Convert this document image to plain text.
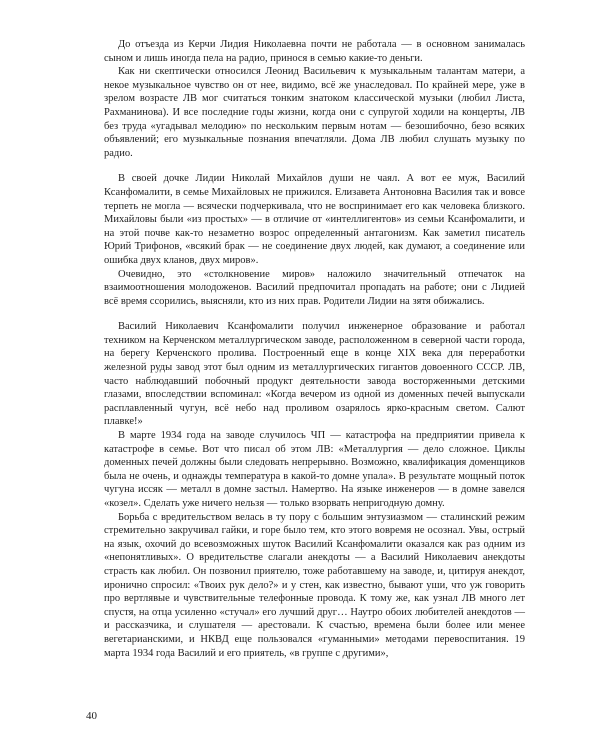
До отъезда из Керчи Лидия Николаевна почти не работала — в основном занималась сыном и лишь иногда пела на радио, принося в семью какие-то деньги.

Как ни скептически относился Леонид Васильевич к музыкальным талантам матери, а некое музыкальное чувство он от нее, видимо, всё же унаследовал. По крайней мере, уже в зрелом возрасте ЛВ мог считаться тонким знатоком классической музыки (любил Листа, Рахманинова). И все последние годы жизни, когда они с супругой ходили на концерты, ЛВ без труда «угадывал мелодию» по нескольким первым нотам — безошибочно, безо всяких объявлений; его музыкальные познания впечатляли. Дома ЛВ любил слушать музыку по радио.

В своей дочке Лидии Николай Михайлов души не чаял. А вот ее муж, Василий Ксанфомалити, в семье Михайловых не прижился. Елизавета Антоновна Василия так и вовсе терпеть не могла — всячески подчеркивала, что не воспринимает его как человека близкого. Михайловы были «из простых» — в отличие от «интеллигентов» из семьи Ксанфомалити, и на этой почве как-то незаметно возрос определенный антагонизм. Как заметил писатель Юрий Трифонов, «всякий брак — не соединение двух людей, как думают, а соединение или ошибка двух кланов, двух миров».

Очевидно, это «столкновение миров» наложило значительный отпечаток на взаимоотношения молодоженов. Василий предпочитал пропадать на работе; они с Лидией всё время ссорились, выясняли, кто из них прав. Родители Лидии на зятя обижались.

Василий Николаевич Ксанфомалити получил инженерное образование и работал техником на Керченском металлургическом заводе, расположенном в северной части города, на берегу Керченского пролива. Построенный еще в конце XIX века для переработки железной руды завод этот был одним из металлургических гигантов довоенного СССР. ЛВ, часто наблюдавший побочный продукт деятельности завода восторженными детскими глазами, впоследствии вспоминал: «Когда вечером из одной из доменных печей выпускали расплавленный чугун, всё небо над проливом озарялось ярко-красным светом. Салют плавке!»

В марте 1934 года на заводе случилось ЧП — катастрофа на предприятии привела к катастрофе в семье. Вот что писал об этом ЛВ: «Металлургия — дело сложное. Циклы доменных печей должны были следовать непрерывно. Возможно, квалификация доменщиков была не очень, и однажды температура в какой-то домне упала». В результате мощный поток чугуна иссяк — металл в домне застыл. Намертво. На языке инженеров — в домне завелся «козел». Сделать уже ничего нельзя — только взорвать непригодную домну.

Борьба с вредительством велась в ту пору с большим энтузиазмом — сталинский режим стремительно закручивал гайки, и горе было тем, кто этого вовремя не осознал. Увы, острый на язык, охочий до всевозможных шуток Василий Ксанфомалити оказался как раз одним из «непонятливых». О вредительстве слагали анекдоты — а Василий Николаевич анекдоты страсть как любил. Он позвонил приятелю, тоже работавшему на заводе, и, цитируя анекдот, иронично спросил: «Твоих рук дело?» и у стен, как известно, бывают уши, что уж говорить про вертлявые и чувствительные телефонные провода. К тому же, как узнал ЛВ много лет спустя, на отца усиленно «стучал» его лучший друг… Наутро обоих любителей анекдотов — и рассказчика, и слушателя — арестовали. К счастью, времена были более или менее вегетарианскими, и НКВД еще пользовался «гуманными» методами перевоспитания. 19 марта 1934 года Василий и его приятель, «в группе с другими»,

40
